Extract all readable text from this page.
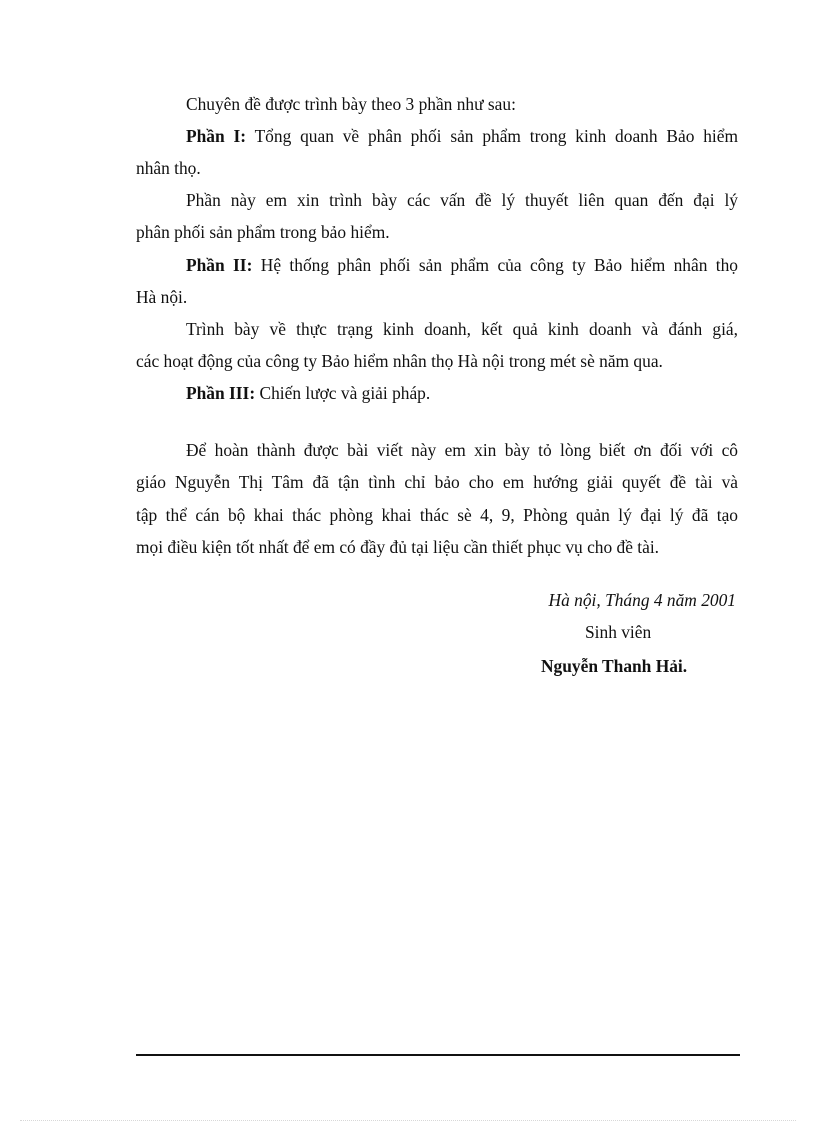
Chuyên đề được trình bày theo 3 phần như sau:

Phần I: Tổng quan về phân phối sản phẩm trong kinh doanh Bảo hiểm

nhân thọ.

Phần này em xin trình bày các vấn đề lý thuyết liên quan đến đại lý

phân phối sản phẩm trong bảo hiểm.

Phần II: Hệ thống phân phối sản phẩm của công ty Bảo hiểm nhân thọ

Hà nội.

Trình bày về thực trạng kinh doanh, kết quả kinh doanh và đánh giá,

các hoạt động của công ty Bảo hiểm nhân thọ Hà nội trong mét sè năm qua.

Phần III: Chiến lược và giải pháp.

Để hoàn thành được bài viết này em xin bày tỏ lòng biết ơn đối với cô

giáo Nguyễn Thị Tâm đã tận tình chỉ bảo cho em hướng giải quyết đề tài và

tập thể cán bộ khai thác phòng khai thác sè 4, 9, Phòng quản lý đại lý đã tạo

mọi điều kiện tốt nhất để em có đầy đủ tại liệu cần thiết phục vụ cho đề tài.

Hà nội, Tháng 4 năm 2001
Sinh viên
Nguyễn Thanh Hải.
